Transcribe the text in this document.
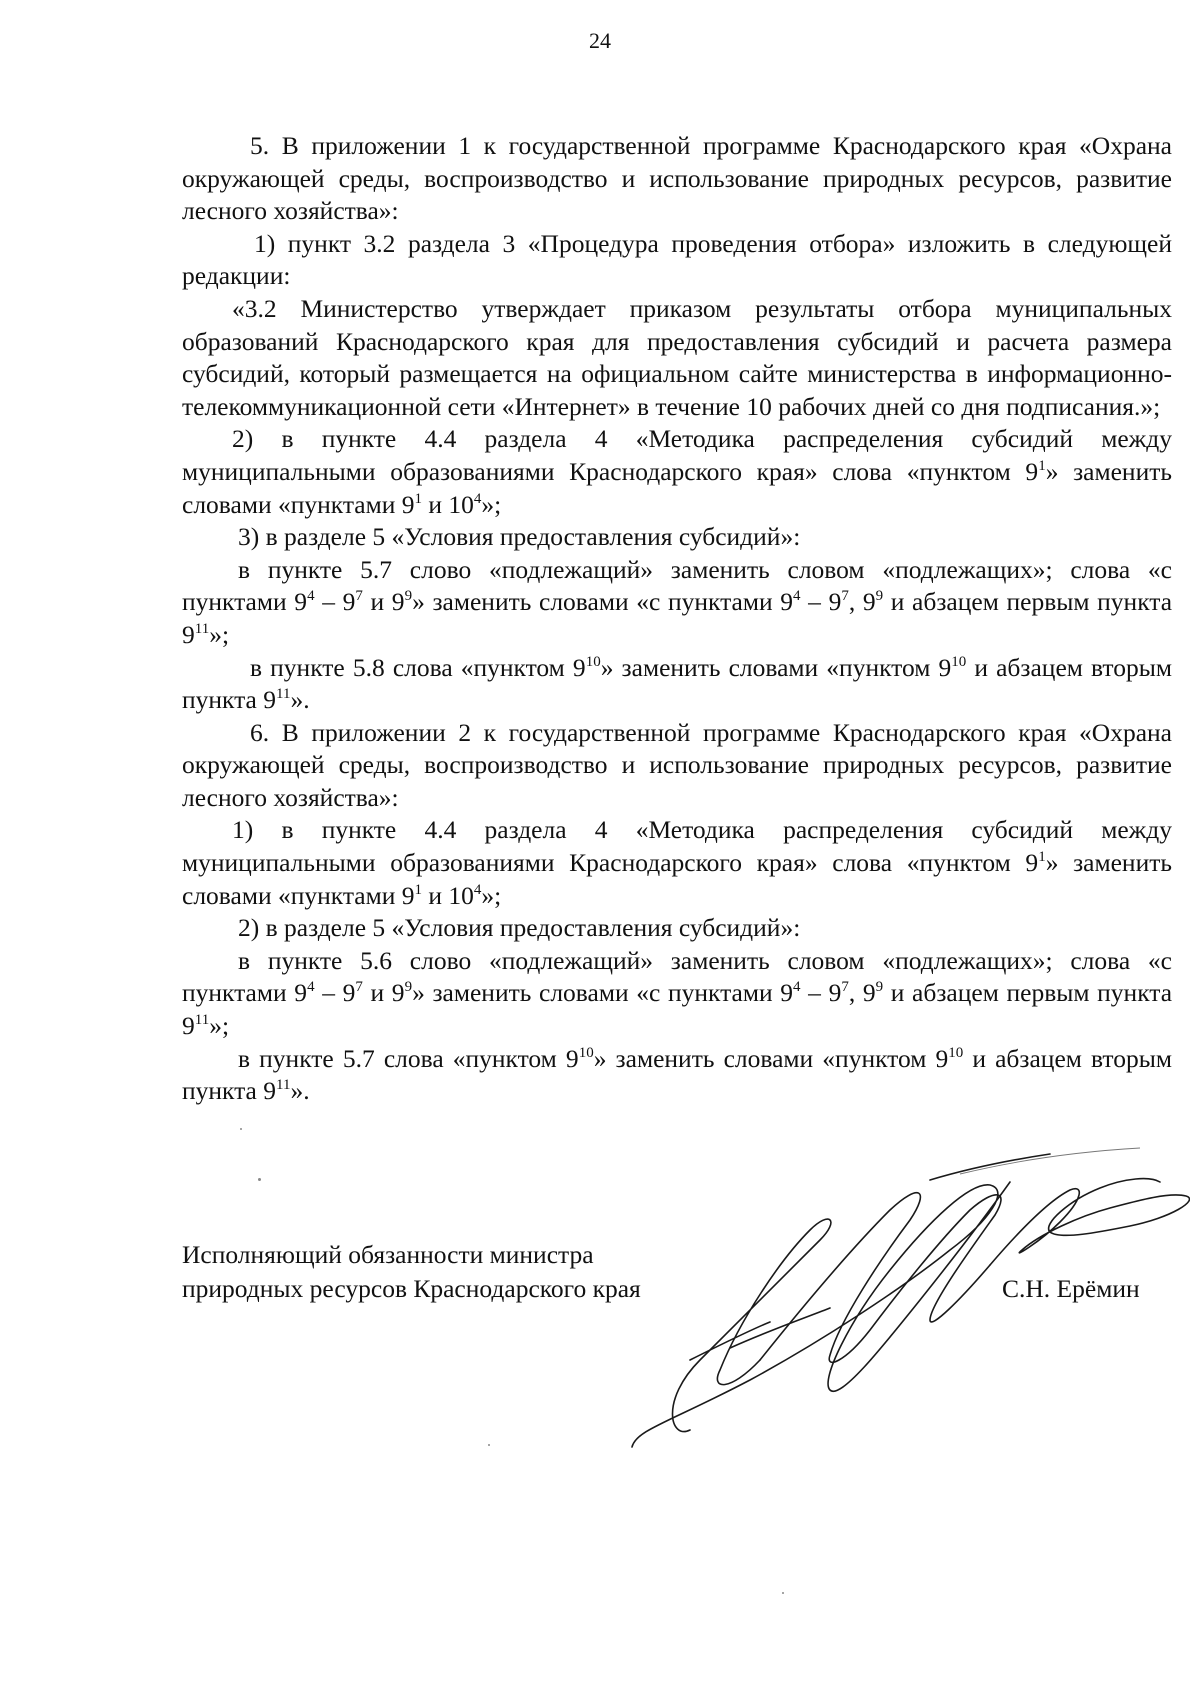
24

5. В приложении 1 к государственной программе Краснодарского края «Охрана окружающей среды, воспроизводство и использование природных ресурсов, развитие лесного хозяйства»:

1) пункт 3.2 раздела 3 «Процедура проведения отбора» изложить в следующей редакции:

«3.2 Министерство утверждает приказом результаты отбора муниципальных образований Краснодарского края для предоставления субсидий и расчета размера субсидий, который размещается на официальном сайте министерства в информационно-телекоммуникационной сети «Интернет» в течение 10 рабочих дней со дня подписания.»;

2) в пункте 4.4 раздела 4 «Методика распределения субсидий между муниципальными образованиями Краснодарского края» слова «пунктом $9^1$» заменить словами «пунктами $9^1$ и $10^4$»;

3) в разделе 5 «Условия предоставления субсидий»:

в пункте 5.7 слово «подлежащий» заменить словом «подлежащих»; слова «с пунктами $9^4 - 9^7$ и $9^9$» заменить словами «с пунктами $9^4 - 9^7$, $9^9$ и абзацем первым пункта $9^{11}$»;

в пункте 5.8 слова «пунктом $9^{10}$» заменить словами «пунктом $9^{10}$ и абзацем вторым пункта $9^{11}$».

6. В приложении 2 к государственной программе Краснодарского края «Охрана окружающей среды, воспроизводство и использование природных ресурсов, развитие лесного хозяйства»:

1) в пункте 4.4 раздела 4 «Методика распределения субсидий между муниципальными образованиями Краснодарского края» слова «пунктом $9^1$» заменить словами «пунктами $9^1$ и $10^4$»;

2) в разделе 5 «Условия предоставления субсидий»:

в пункте 5.6 слово «подлежащий» заменить словом «подлежащих»; слова «с пунктами $9^4 - 9^7$ и $9^9$» заменить словами «с пунктами $9^4 - 9^7$, $9^9$ и абзацем первым пункта $9^{11}$»;

в пункте 5.7 слова «пунктом $9^{10}$» заменить словами «пунктом $9^{10}$ и абзацем вторым пункта $9^{11}$».

Исполняющий обязанности министра
природных ресурсов Краснодарского края	С.Н. Ерёмин
